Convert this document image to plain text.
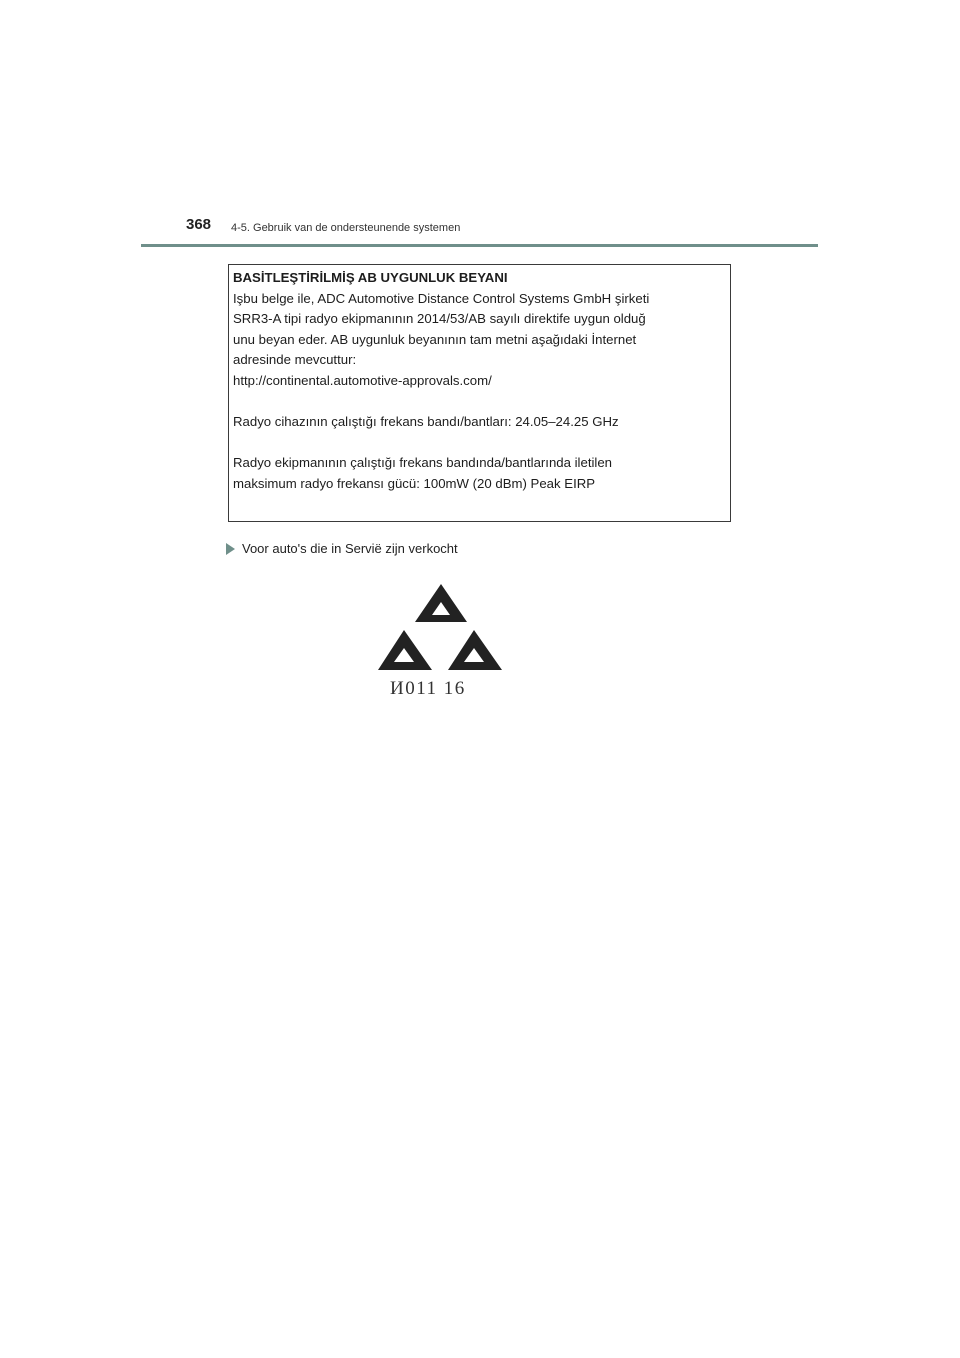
368 4-5. Gebruik van de ondersteunende systemen
BASİTLEŞTİRİLMİŞ AB UYGUNLUK BEYANI
Işbu belge ile, ADC Automotive Distance Control Systems GmbH şirketi
SRR3-A tipi radyo ekipmanının 2014/53/AB sayılı direktife uygun olduğ
unu beyan eder. AB uygunluk beyanının tam metni aşağıdaki İnternet
adresinde mevcuttur:
http://continental.automotive-approvals.com/
Radyo cihazının çalıştığı frekans bandı/bantları: 24.05–24.25 GHz
Radyo ekipmanının çalıştığı frekans bandında/bantlarında iletilen
maksimum radyo frekansı gücü: 100mW (20 dBm) Peak EIRP
Voor auto's die in Servië zijn verkocht
И011 16
